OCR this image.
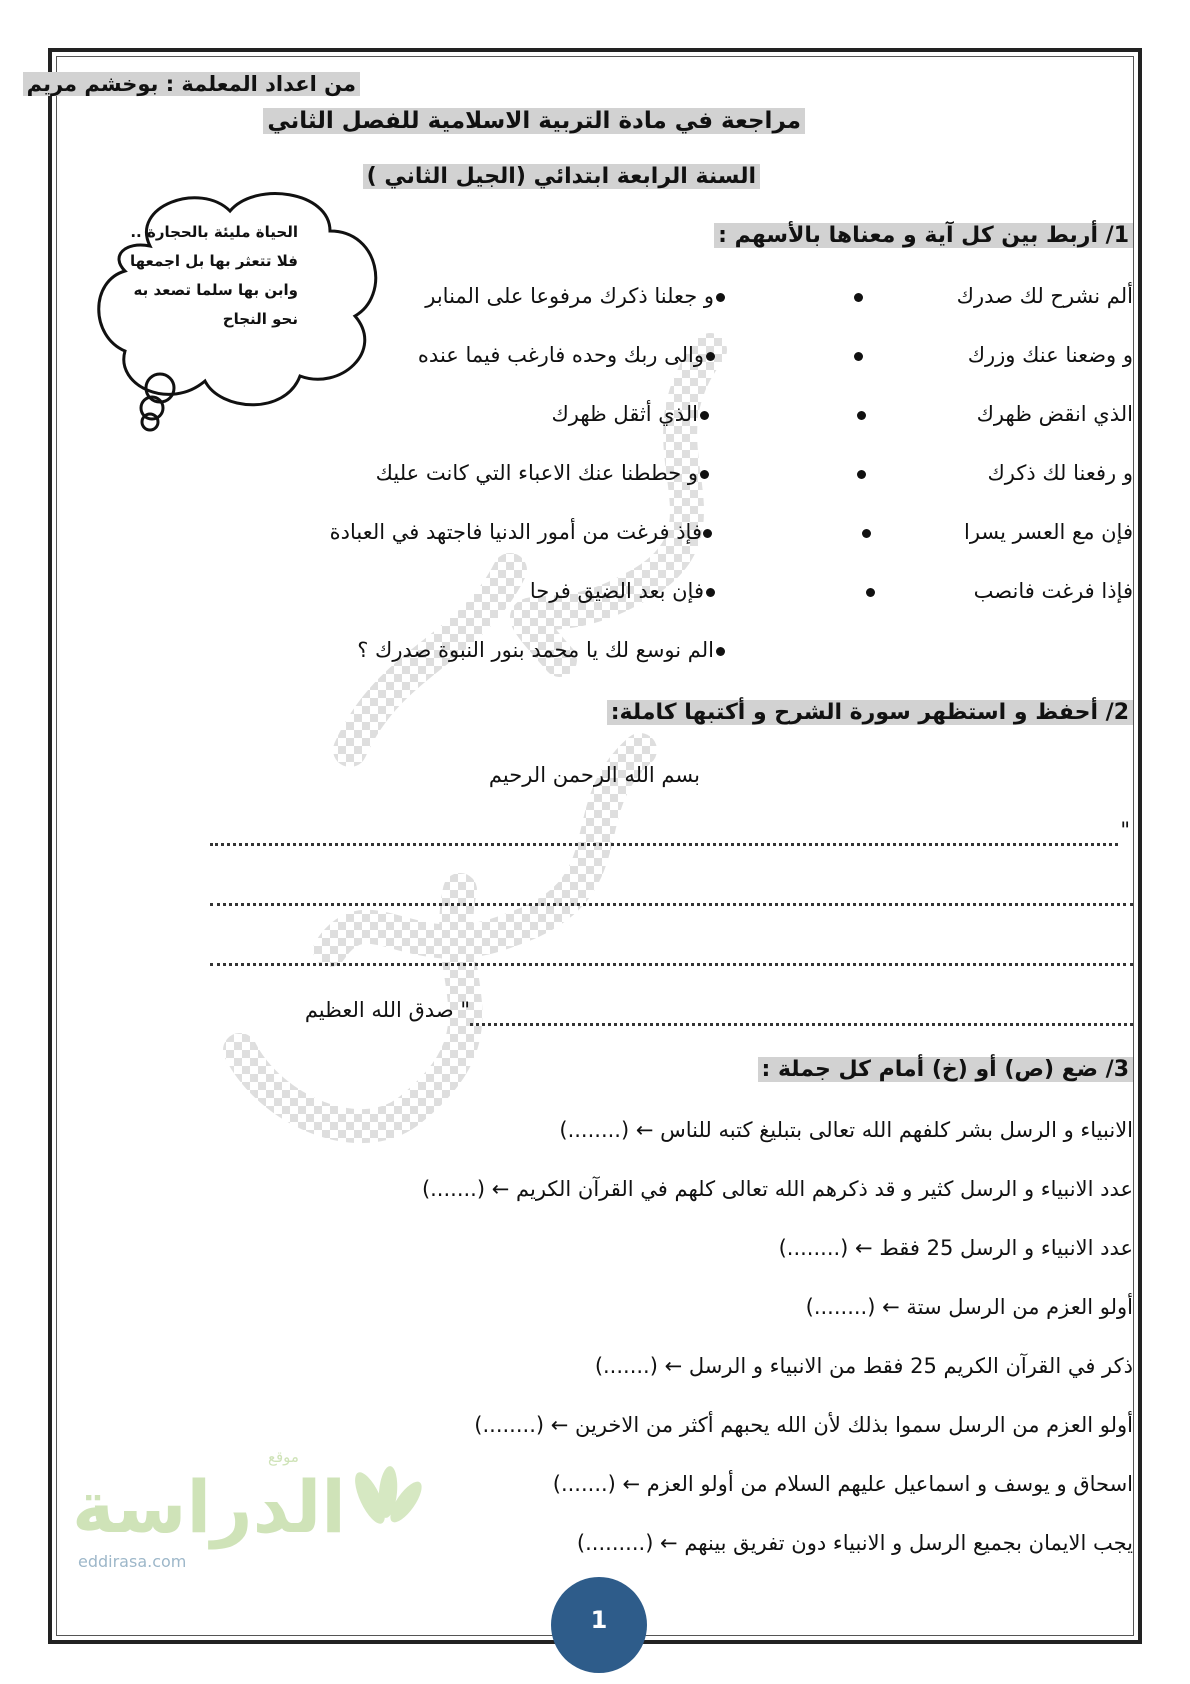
من اعداد المعلمة : بوخشم مريم
مراجعة في مادة التربية الاسلامية للفصل الثاني
السنة الرابعة ابتدائي (الجيل الثاني )
الحياة مليئة بالحجارة ..
فلا تتعثر بها بل اجمعها
وابن بها سلما تصعد به
نحو النجاح
1/ أربط بين كل آية و معناها بالأسهم :
ألم نشرح لك صدرك
و وضعنا عنك وزرك
الذي انقض ظهرك
و رفعنا لك ذكرك
فإن مع العسر يسرا
فإذا فرغت فانصب
و جعلنا ذكرك مرفوعا على المنابر
والى ربك وحده فارغب فيما عنده
الذي أثقل ظهرك
و حططنا عنك الاعباء التي كانت عليك
فإذ فرغت من أمور الدنيا فاجتهد في العبادة
فإن بعد الضيق فرحا
الم نوسع لك يا محمد بنور النبوة صدرك ؟
2/ أحفظ و استظهر سورة الشرح و أكتبها كاملة:
بسم الله الرحمن الرحيم
"
" صدق الله العظيم
3/ ضع (ص) أو (خ) أمام كل جملة :
الانبياء و الرسل بشر كلفهم الله تعالى بتبليغ كتبه للناس ← (........)
عدد الانبياء و الرسل كثير و قد ذكرهم الله تعالى كلهم في القرآن الكريم ← (.......)
عدد الانبياء و الرسل 25 فقط ← (........)
أولو العزم من الرسل ستة ← (........)
ذكر في القرآن الكريم 25 فقط من الانبياء و الرسل ← (.......)
أولو العزم من الرسل سموا بذلك لأن الله يحبهم أكثر من الاخرين ← (........)
اسحاق و يوسف و اسماعيل عليهم السلام من أولو العزم ← (.......)
يجب الايمان بجميع الرسل و الانبياء دون تفريق بينهم ← (.........)
موقع
الدراسة
eddirasa.com
1
